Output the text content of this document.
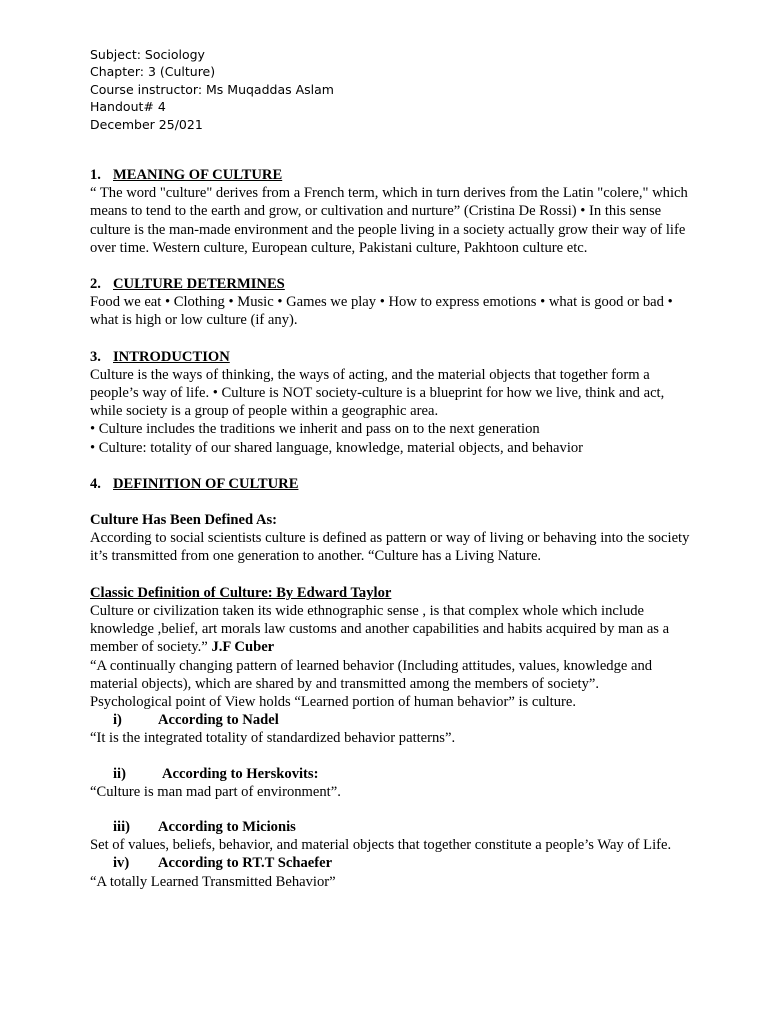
Subject: Sociology
Chapter: 3 (Culture)
Course instructor: Ms Muqaddas Aslam
Handout# 4
December 25/021
1. MEANING OF CULTURE

“ The word "culture" derives from a French term, which in turn derives from the Latin "colere," which means to tend to the earth and grow, or cultivation and nurture” (Cristina De Rossi) • In this sense culture is the man-made environment and the people living in a society actually grow their way of life over time. Western culture, European culture, Pakistani culture, Pakhtoon culture etc.

2. CULTURE DETERMINES

Food we eat • Clothing • Music • Games we play • How to express emotions • what is good or bad • what is high or low culture (if any).

3. INTRODUCTION

Culture is the ways of thinking, the ways of acting, and the material objects that together form a people’s way of life. • Culture is NOT society-culture is a blueprint for how we live, think and act, while society is a group of people within a geographic area.

• Culture includes the traditions we inherit and pass on to the next generation

• Culture: totality of our shared language, knowledge, material objects, and behavior

4. DEFINITION OF CULTURE

Culture Has Been Defined As:

According to social scientists culture is defined as pattern or way of living or behaving into the society it’s transmitted from one generation to another. “Culture has a Living Nature.

Classic Definition of Culture: By Edward Taylor

Culture or civilization taken its wide ethnographic sense , is that complex whole which include knowledge ,belief, art morals law customs and another capabilities and habits acquired by man as a member of society.” J.F Cuber

“A continually changing pattern of learned behavior (Including attitudes, values, knowledge and material objects), which are shared by and transmitted among the members of society”.

Psychological point of View holds “Learned portion of human behavior” is culture.

i) According to Nadel

“It is the integrated totality of standardized behavior patterns”.

ii) According to Herskovits:

“Culture is man mad part of environment”.

iii) According to Micionis

Set of values, beliefs, behavior, and material objects that together constitute a people’s Way of Life.

iv) According to RT.T Schaefer

“A totally Learned Transmitted Behavior”
